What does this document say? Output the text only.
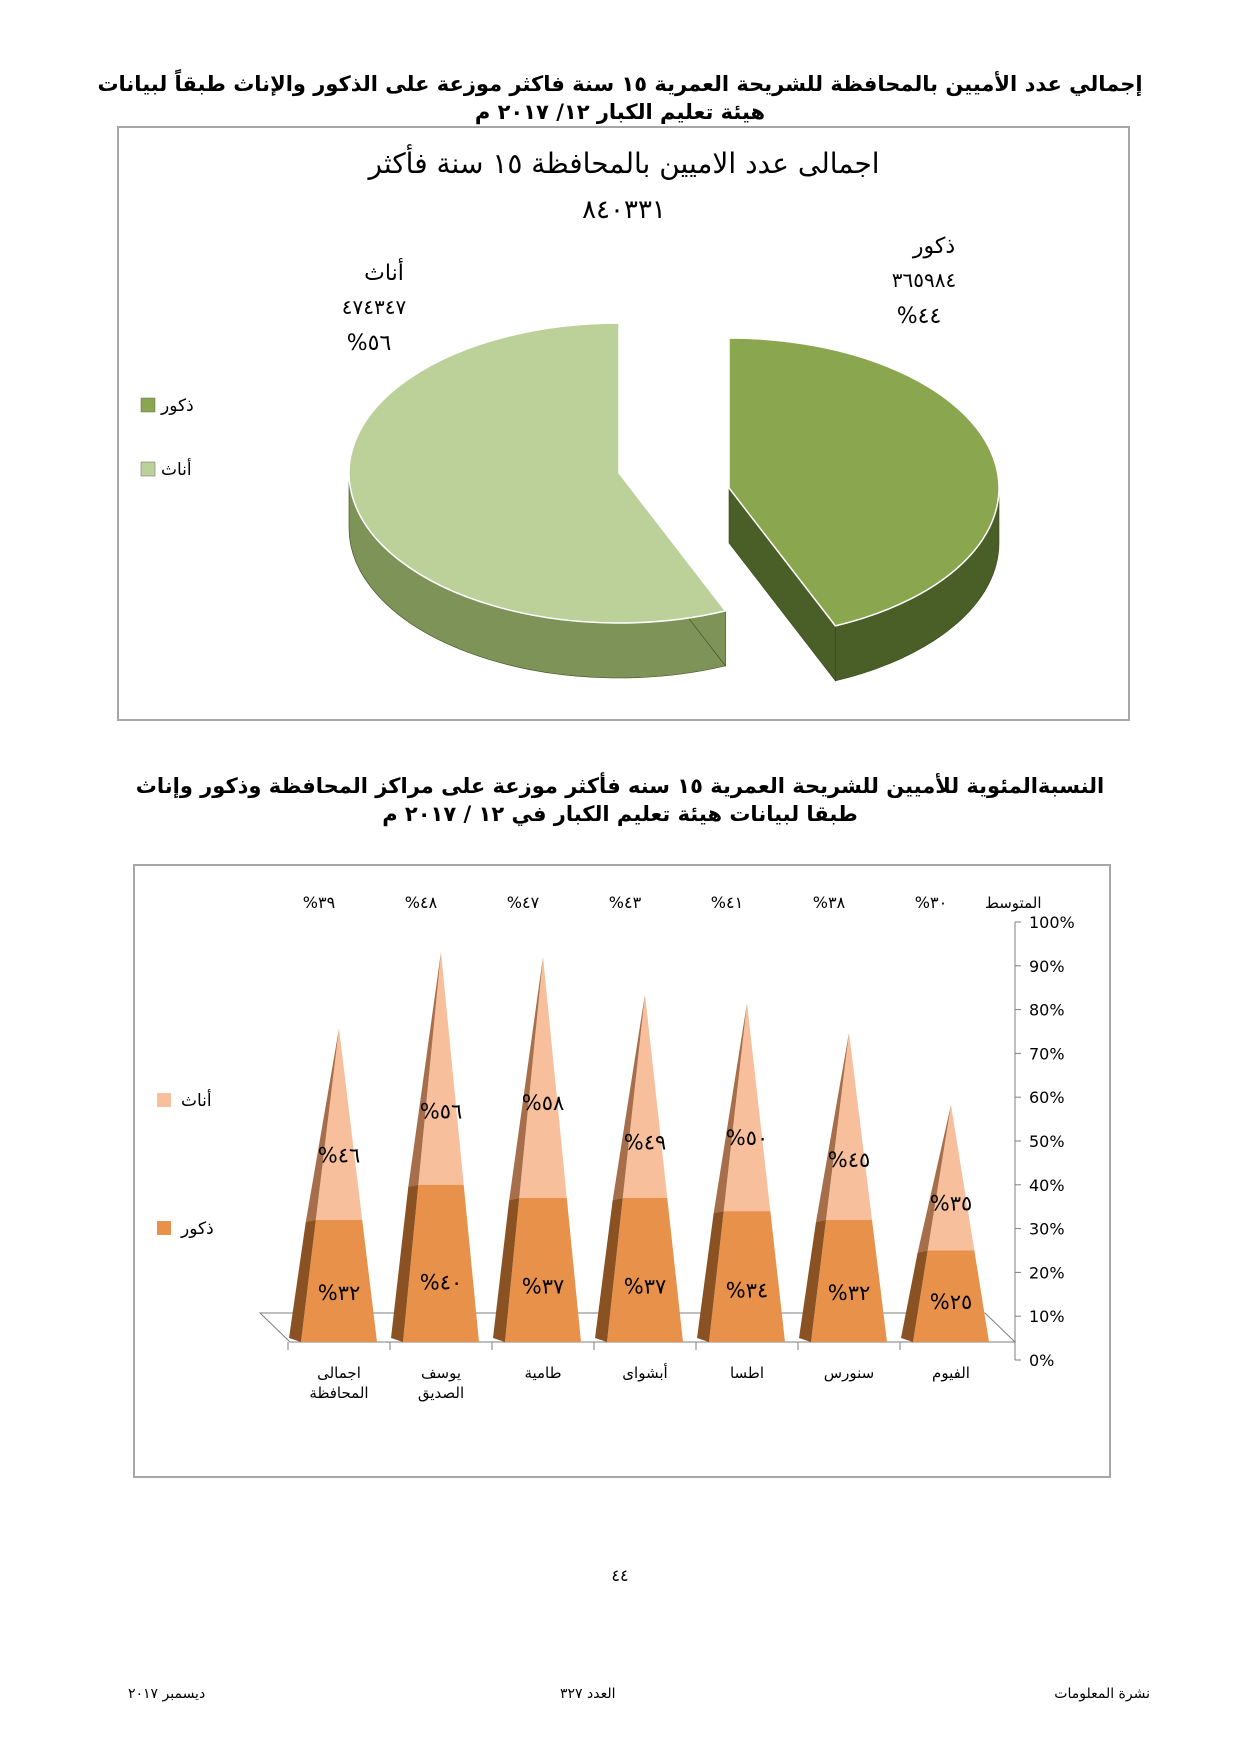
إجمالي عدد الأميين بالمحافظة للشريحة العمرية ١٥ سنة فاكثر موزعة على الذكور والإناث طبقاً لبيانات
هيئة تعليم الكبار ١٢/ ٢٠١٧ م
اجمالى عدد الاميين بالمحافظة ١٥ سنة فأكثر
٨٤٠٣٣١
ذكور
٣٦٥٩٨٤
%٤٤
أناث
٤٧٤٣٤٧
%٥٦
ذكور
أناث
النسبةالمئوية للأميين للشريحة العمرية ١٥ سنه فأكثر موزعة على مراكز المحافظة وذكور وإناث
طبقا لبيانات هيئة تعليم الكبار في ١٢ / ٢٠١٧ م
0%
10%
20%
30%
40%
50%
60%
70%
80%
90%
100%
المتوسط
%٣٥
%٢٥
%٣٠
الفيوم
%٤٥
%٣٢
%٣٨
سنورس
%٥٠
%٣٤
%٤١
اطسا
%٤٩
%٣٧
%٤٣
أبشواى
%٥٨
%٣٧
%٤٧
طامية
%٥٦
%٤٠
%٤٨
يوسف الصديق
%٤٦
%٣٢
%٣٩
اجمالى المحافظة
أناث
ذكور
٤٤
نشرة المعلومات
العدد ٣٢٧
ديسمبر ٢٠١٧
